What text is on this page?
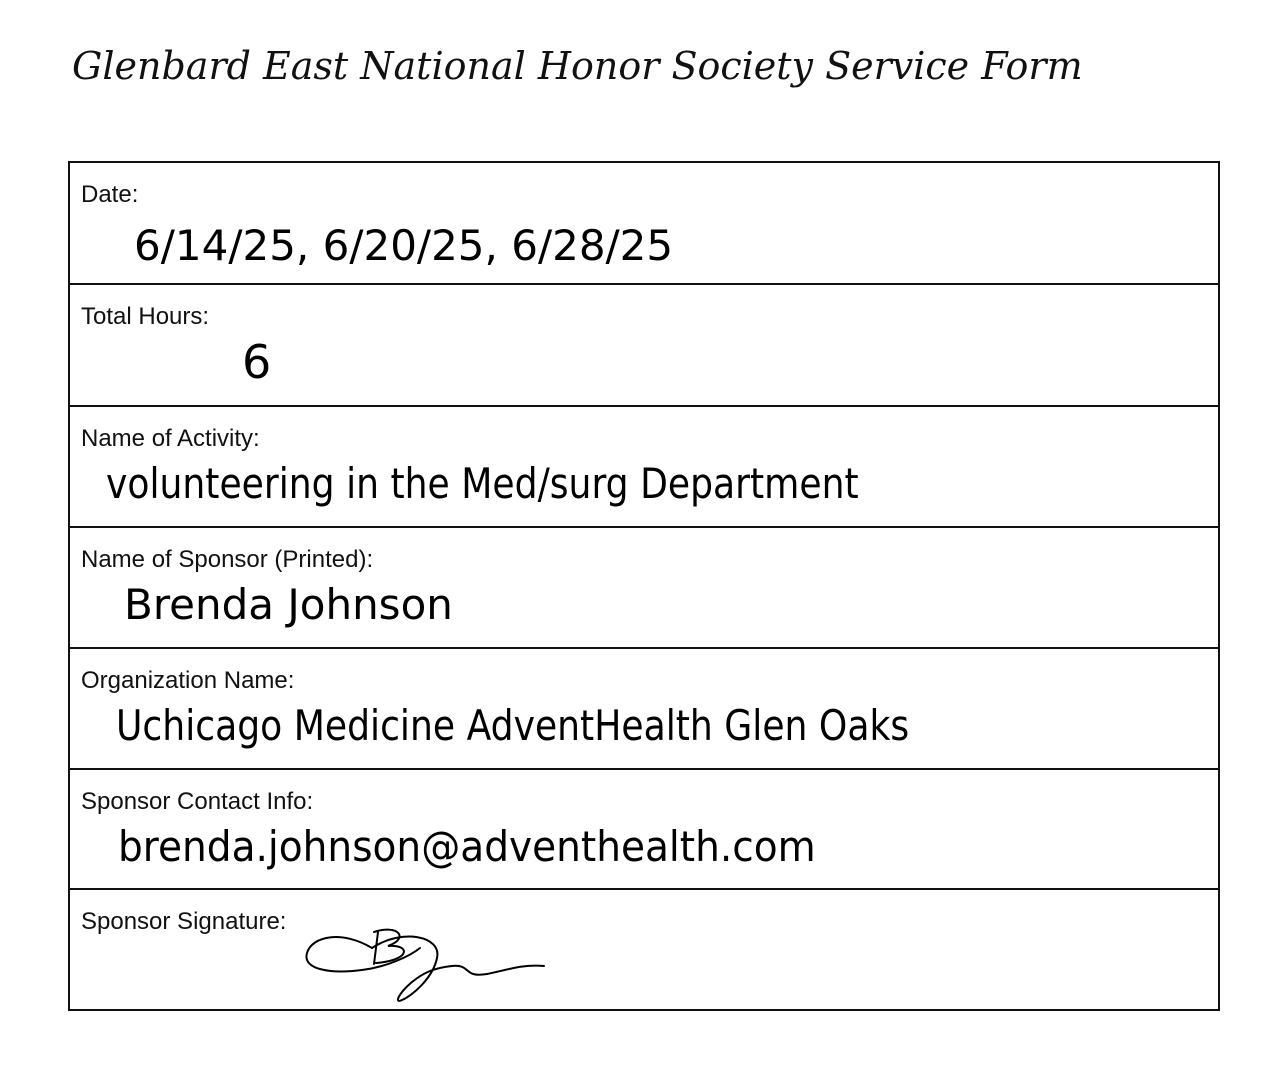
Glenbard East National Honor Society Service Form
Date:
6/14/25, 6/20/25, 6/28/25
Total Hours:
6
Name of Activity:
volunteering in the Med/surg Department
Name of Sponsor (Printed):
Brenda Johnson
Organization Name:
Uchicago Medicine AdventHealth Glen Oaks
Sponsor Contact Info:
brenda.johnson@adventhealth.com
Sponsor Signature:
